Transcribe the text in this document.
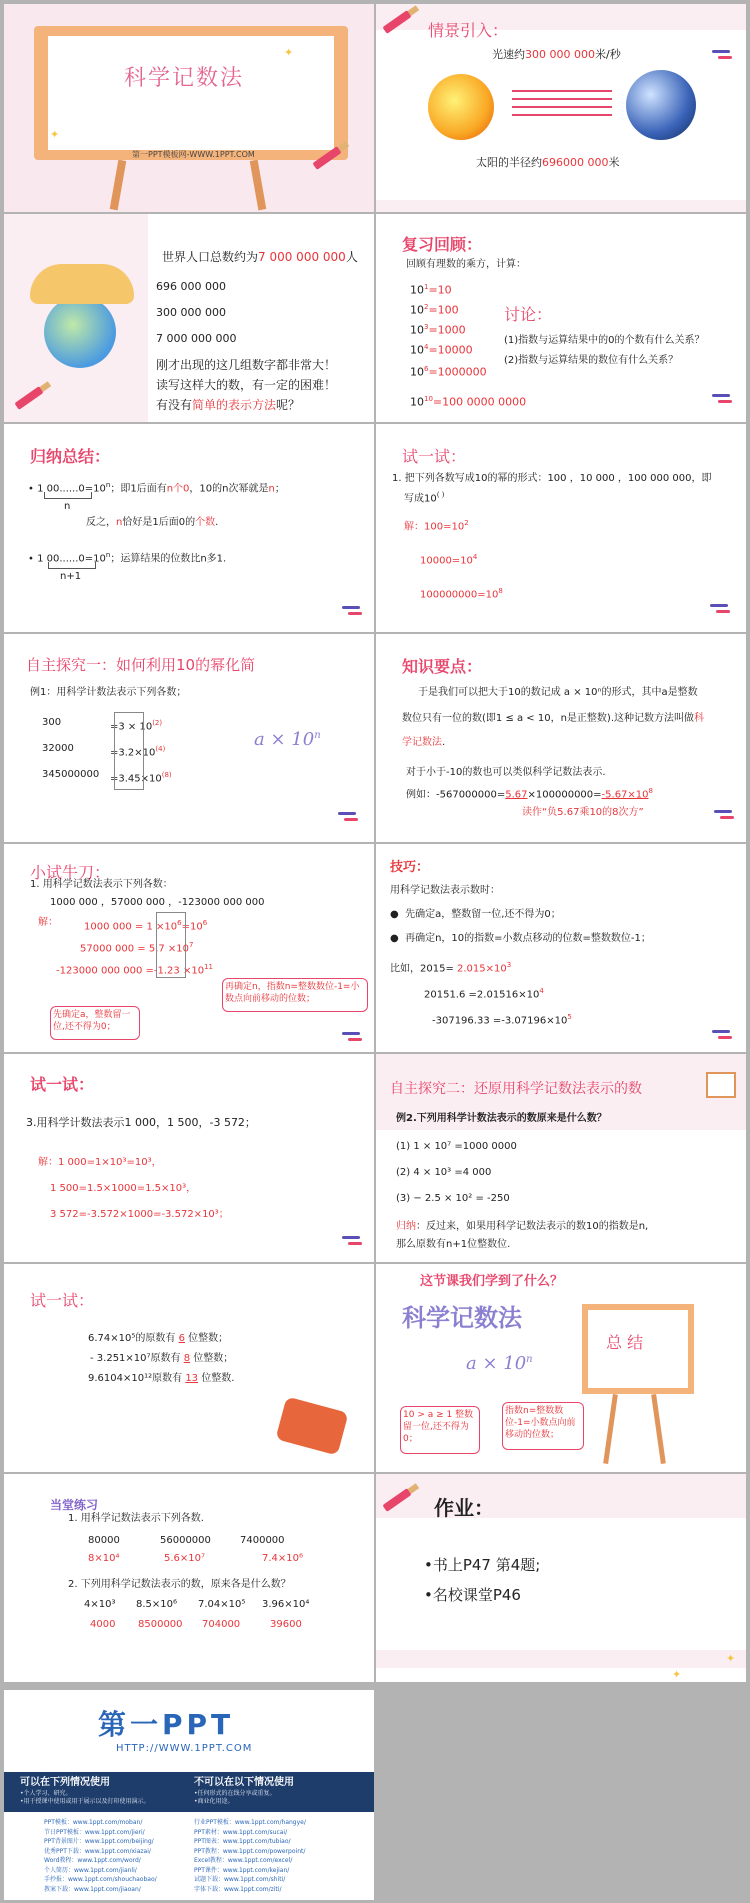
科学记数法
第一PPT模板网-WWW.1PPT.COM
✦
✦
情景引入：
光速约300 000 000米/秒
太阳的半径约696000 000米
世界人口总数约为7 000 000 000人
696 000 000
300 000 000
7 000 000 000
刚才出现的这几组数字都非常大！
读写这样大的数，有一定的困难！
有没有简单的表示方法呢？
复习回顾：
回顾有理数的乘方，计算：
$10^1=10$
$10^2=100$
$10^3=1000$
$10^4=10000$
$10^6=1000000$
$10^{10}=100$ 0000 0000
讨论：
(1)指数与运算结果中的0的个数有什么关系？
(2)指数与运算结果的数位有什么关系？
归纳总结：
• 1 $00......0=10^n$；即1后面有n个0，10的n次幂就是n；
n
反之，n恰好是1后面0的个数.
• 1 $00......0=10^n$；运算结果的位数比n多1.
n+1
试一试：
1. 把下列各数写成10的幂的形式：100 ，10 000 ，100 000 000，即
写成10( )
解：$100=10^2$
$10000=10^4$
$100000000=10^8$
自主探究一：如何利用10的幂化简
例1：用科学计数法表示下列各数；
300	$=3 \times 10^{(2)}$
32000	$=3.2\times 10^{(4)}$
$345000000 =3.45\times 10^{(8)}$
$a \times 10^n$
知识要点：
于是我们可以把大于10的数记成 a × 10ⁿ的形式，其中a是整数
数位只有一位的数(即1 ≤ a < 10，n是正整数).这种记数方法叫做科
学记数法.
对于小于-10的数也可以类似科学记数法表示.
例如：$-567000000=5.67\times 100000000=-5.67\times 10^8$
读作“负5.67乘10的8次方”
小试牛刀：
1. 用科学记数法表示下列各数：
1000 000 ，57000 000 ，-123000 000 000
解：	1000 $000 = 1 \times 10^6=10^6$
57000 $000 = 5.7 \times 10^7$
-123000 000 $000 =-1.23 \times 10^{11}$
先确定a，整数留一位,还不得为0；
再确定n，指数n=整数数位-1=小数点向前移动的位数；
技巧：
用科学记数法表示数时：
●  先确定a，整数留一位,还不得为0；
●  再确定n，10的指数=小数点移动的位数=整数数位-1；
比如，$2015= 2.015\times 10^3$
$20151.6 =2.01516\times 10^4$
$-307196.33 =-3.07196\times 10^5$
试一试：
3.用科学计数法表示1 000，1 500，-3 572；
解：1 000=1×10³=10³，
1 500=1.5×1000=1.5×10³，
3 572=-3.572×1000=-3.572×10³；
自主探究二：还原用科学记数法表示的数
例2.下列用科学计数法表示的数原来是什么数？
(1) 1 × 10⁷ =1000 0000
(2) 4 × 10³ =4 000
(3) − 2.5 × 10² = -250
归纳：反过来，如果用科学记数法表示的数10的指数是n,
那么原数有n+1位整数位.
试一试：
6.74×10⁵的原数有 6 位整数；
- 3.251×10⁷原数有 8 位整数；
9.6104×10¹²原数有 13 位整数.
这节课我们学到了什么？
科学记数法
$a \times 10^n$
总 结
10 > a ≥ 1 整数留一位,还不得为0；
指数n=整数数位-1=小数点向前移动的位数；
当堂练习
1. 用科学记数法表示下列各数.
80000	56000000	7400000
8×10⁴	5.6×10⁷	7.4×10⁶
2. 下列用科学记数法表示的数，原来各是什么数？
4×10³ 8.5×10⁶ 7.04×10⁵ 3.96×10⁴
4000 8500000 704000	39600
作业：
•书上P47 第4题;
•名校课堂P46
✦
✦
第一PPT
HTTP://WWW.1PPT.COM
可以在下列情况使用
•个人学习、研究。
•用于授课中使用或用于展示以及打印使用演示。
不可以在以下情况使用
•任何形式的在线分享或重复。
•商业化用途。
PPT模板：www.1ppt.com/moban/
节日PPT模板：www.1ppt.com/jieri/
PPT背景图片：www.1ppt.com/beijing/
优秀PPT下载：www.1ppt.com/xiazai/
Word教程：www.1ppt.com/word/
个人简历：www.1ppt.com/jianli/
手抄报：www.1ppt.com/shouchaobao/
教案下载：www.1ppt.com/jiaoan/
行业PPT模板：www.1ppt.com/hangye/
PPT素材：www.1ppt.com/sucai/
PPT图表：www.1ppt.com/tubiao/
PPT教程：www.1ppt.com/powerpoint/
Excel教程：www.1ppt.com/excel/
PPT课件：www.1ppt.com/kejian/
试题下载：www.1ppt.com/shiti/
字体下载：www.1ppt.com/ziti/
